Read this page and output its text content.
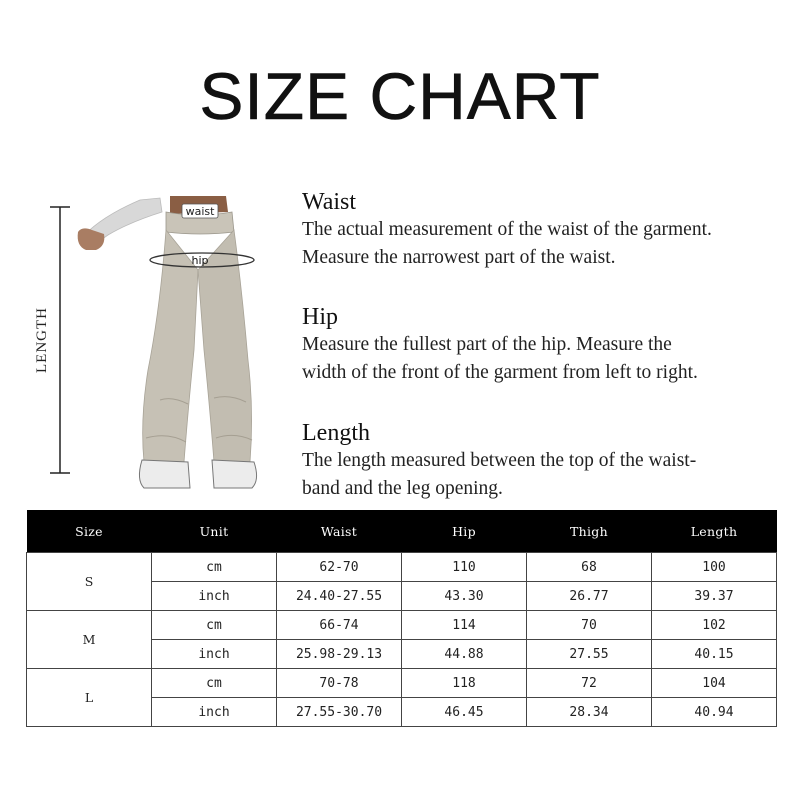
SIZE CHART
LENGTH
waist
hip
Waist

The actual measurement of the waist of the garment.

Measure the narrowest part of the waist.

Hip

Measure the fullest part of the hip. Measure the

width of the front of the garment from left to right.

Length

The length measured between the top of the waist-

band and the leg opening.

Size	Unit	Waist	Hip	Thigh	Length
S	cm	62-70	110	68	100
	inch	24.40-27.55	43.30	26.77	39.37
M	cm	66-74	114	70	102
	inch	25.98-29.13	44.88	27.55	40.15
L	cm	70-78	118	72	104
	inch	27.55-30.70	46.45	28.34	40.94
